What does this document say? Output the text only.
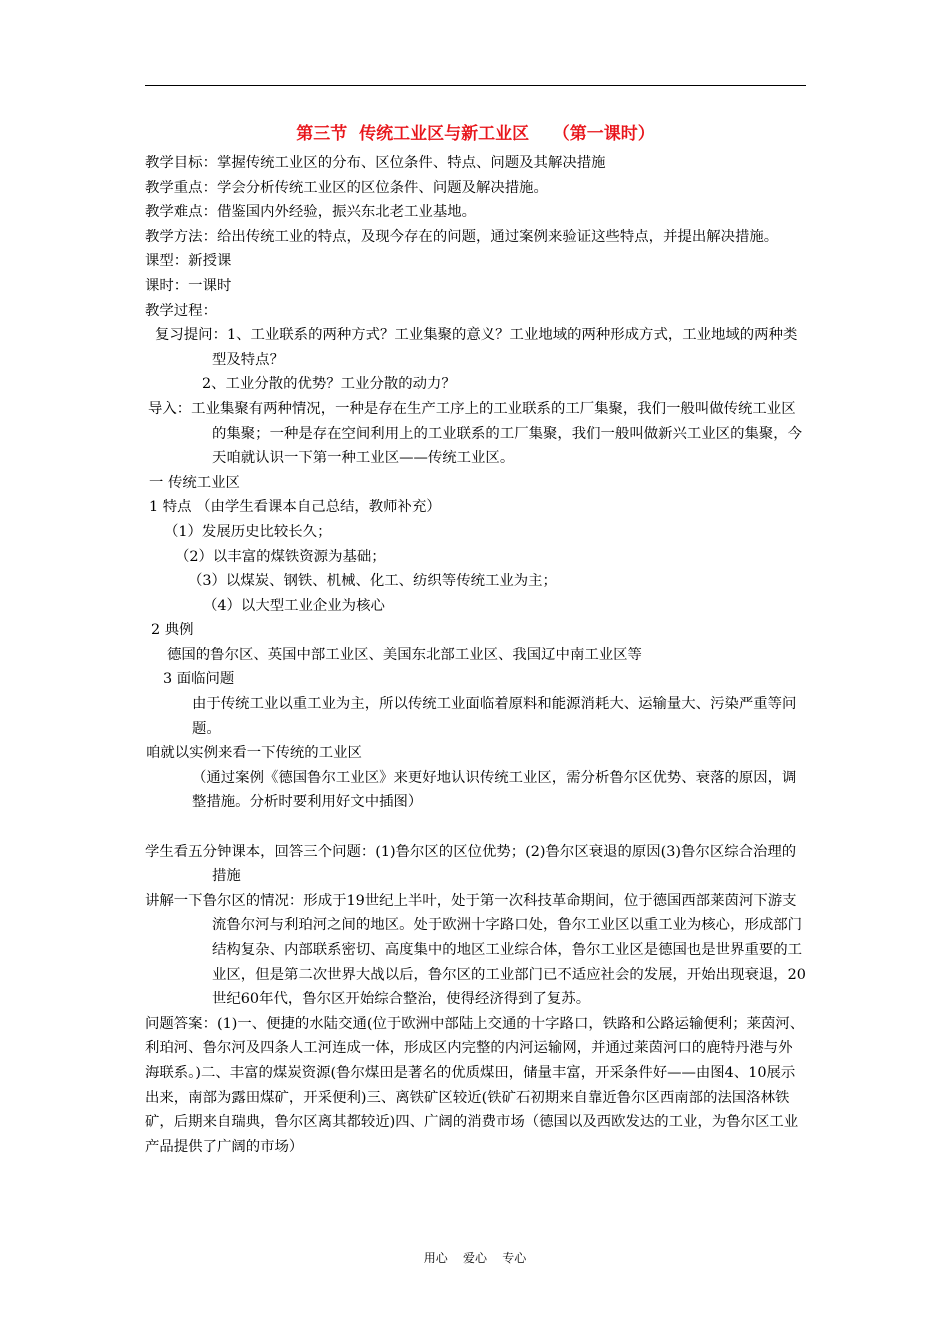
第三节  传统工业区与新工业区    （第一课时）

教学目标：掌握传统工业区的分布、区位条件、特点、问题及其解决措施

教学重点：学会分析传统工业区的区位条件、问题及解决措施。

教学难点：借鉴国内外经验，振兴东北老工业基地。

教学方法：给出传统工业的特点，及现今存在的问题，通过案例来验证这些特点，并提出解决措施。

课型：新授课

课时：一课时

教学过程：

复习提问：1、工业联系的两种方式？工业集聚的意义？工业地域的两种形成方式，工业地域的两种类型及特点？

2、工业分散的优势？工业分散的动力？

导入：工业集聚有两种情况，一种是存在生产工序上的工业联系的工厂集聚，我们一般叫做传统工业区的集聚；一种是存在空间利用上的工业联系的工厂集聚，我们一般叫做新兴工业区的集聚，今天咱就认识一下第一种工业区——传统工业区。

一 传统工业区

1 特点 （由学生看课本自己总结，教师补充）

（1）发展历史比较长久；

（2）以丰富的煤铁资源为基础；

（3）以煤炭、钢铁、机械、化工、纺织等传统工业为主；

（4）以大型工业企业为核心

2 典例

德国的鲁尔区、英国中部工业区、美国东北部工业区、我国辽中南工业区等

3 面临问题

由于传统工业以重工业为主，所以传统工业面临着原料和能源消耗大、运输量大、污染严重等问题。

咱就以实例来看一下传统的工业区

（通过案例《德国鲁尔工业区》来更好地认识传统工业区，需分析鲁尔区优势、衰落的原因，调整措施。分析时要利用好文中插图）

学生看五分钟课本，回答三个问题：(1)鲁尔区的区位优势；(2)鲁尔区衰退的原因(3)鲁尔区综合治理的措施

讲解一下鲁尔区的情况：形成于19世纪上半叶，处于第一次科技革命期间，位于德国西部莱茵河下游支流鲁尔河与利珀河之间的地区。处于欧洲十字路口处，鲁尔工业区以重工业为核心，形成部门结构复杂、内部联系密切、高度集中的地区工业综合体，鲁尔工业区是德国也是世界重要的工业区，但是第二次世界大战以后，鲁尔区的工业部门已不适应社会的发展，开始出现衰退，20世纪60年代，鲁尔区开始综合整治，使得经济得到了复苏。

问题答案：(1)一、便捷的水陆交通(位于欧洲中部陆上交通的十字路口，铁路和公路运输便利；莱茵河、利珀河、鲁尔河及四条人工河连成一体，形成区内完整的内河运输网，并通过莱茵河口的鹿特丹港与外海联系。)二、丰富的煤炭资源(鲁尔煤田是著名的优质煤田，储量丰富，开采条件好——由图4、10展示出来，南部为露田煤矿，开采便利)三、离铁矿区较近(铁矿石初期来自靠近鲁尔区西南部的法国洛林铁矿，后期来自瑞典，鲁尔区离其都较近)四、广阔的消费市场（德国以及西欧发达的工业，为鲁尔区工业产品提供了广阔的市场）

用心    爱心    专心
